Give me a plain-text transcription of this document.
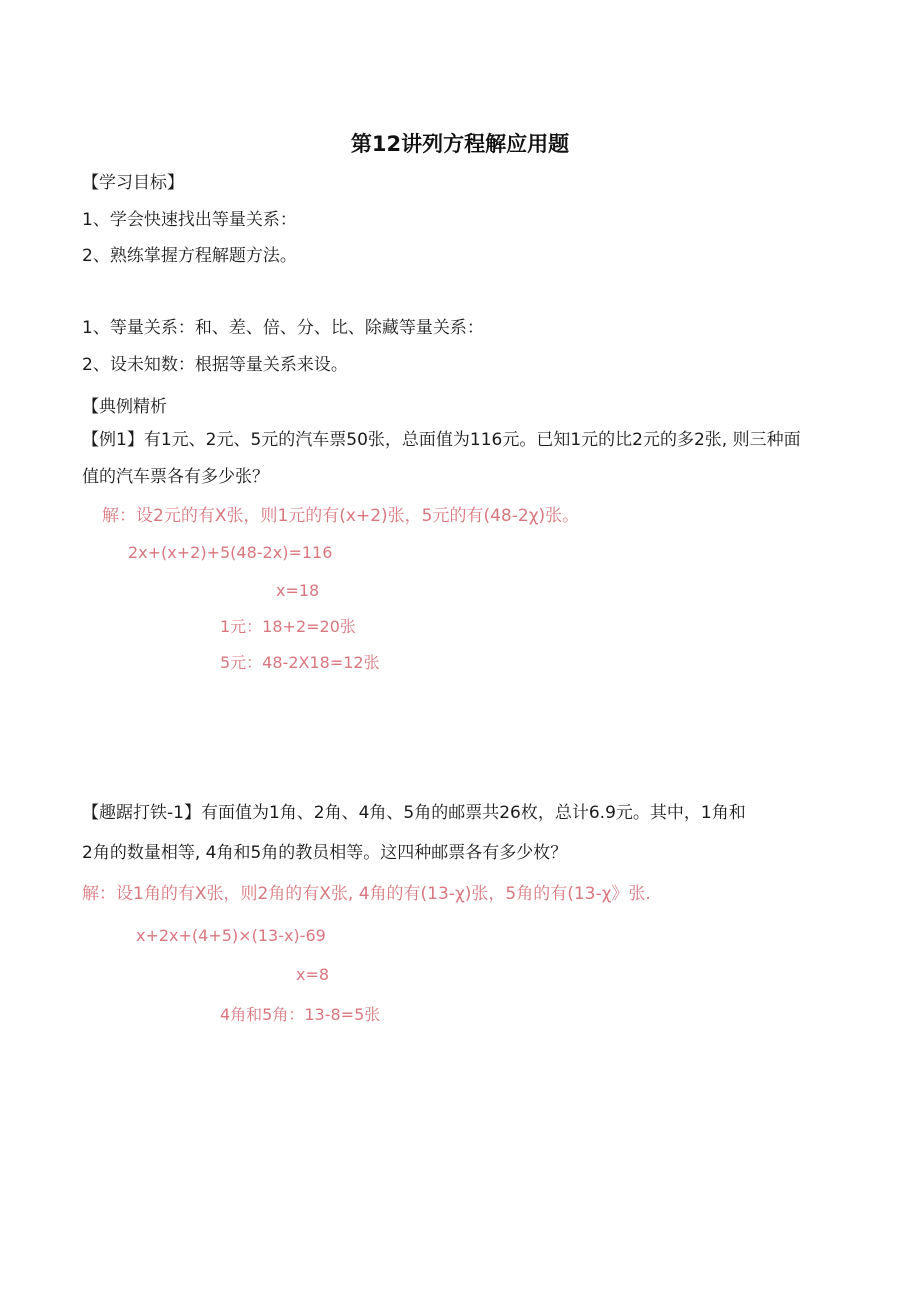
第12讲列方程解应用题
【学习目标】
1、学会快速找出等量关系：
2、熟练掌握方程解题方法。
1、等量关系：和、差、倍、分、比、除藏等量关系：
2、设未知数：根据等量关系来设。
【典例精析
【例1】有1元、2元、5元的汽车票50张，总面值为116元。已知1元的比2元的多2张, 则三种面
值的汽车票各有多少张？
解：设2元的有X张，则1元的有(x+2)张，5元的有(48-2χ)张。
2x+(x+2)+5(48-2x)=116
x=18
1元：18+2=20张
5元：48-2X18=12张
【趣踞打铁-1】有面值为1角、2角、4角、5角的邮票共26枚，总计6.9元。其中，1角和
2角的数量相等, 4角和5角的教员相等。这四种邮票各有多少枚？
解：设1角的有X张，则2角的有X张, 4角的有(13-χ)张，5角的有(13-χ》张.
x+2x+(4+5)×(13-x)-69
x=8
4角和5角：13-8=5张
